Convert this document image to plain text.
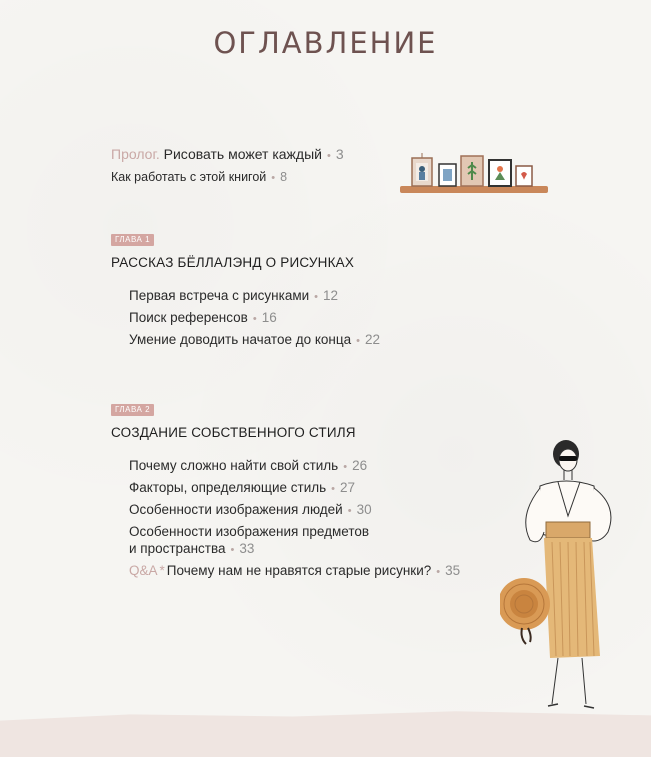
ОГЛАВЛЕНИЕ
Пролог. Рисовать может каждый • 3
Как работать с этой книгой • 8
ГЛАВА 1
РАССКАЗ БЁЛЛАЛЭНД О РИСУНКАХ
Первая встреча с рисунками • 12
Поиск референсов • 16
Умение доводить начатое до конца • 22
ГЛАВА 2
СОЗДАНИЕ СОБСТВЕННОГО СТИЛЯ
Почему сложно найти свой стиль • 26
Факторы, определяющие стиль • 27
Особенности изображения людей • 30
Особенности изображения предметов
и пространства • 33
Q&A * Почему нам не нравятся старые рисунки? • 35
